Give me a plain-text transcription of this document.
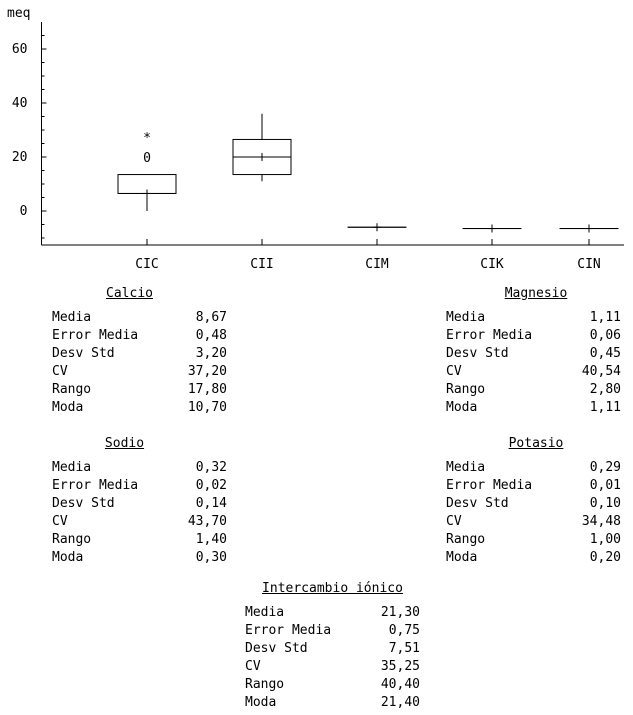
meq
0
20
40
60
CIC	CII	CIM	CIK	CIN
0
*
Calcio
Media	8,67
Error Media	0,48
Desv Std	3,20
CV	37,20
Rango	17,80
Moda	10,70
Magnesio
Media	1,11
Error Media	0,06
Desv Std	0,45
CV	40,54
Rango	2,80
Moda	1,11
Sodio
Media	0,32
Error Media	0,02
Desv Std	0,14
CV	43,70
Rango	1,40
Moda	0,30
Potasio
Media	0,29
Error Media	0,01
Desv Std	0,10
CV	34,48
Rango	1,00
Moda	0,20
Intercambio iónico
Media	21,30
Error Media	0,75
Desv Std	7,51
CV	35,25
Rango	40,40
Moda	21,40
